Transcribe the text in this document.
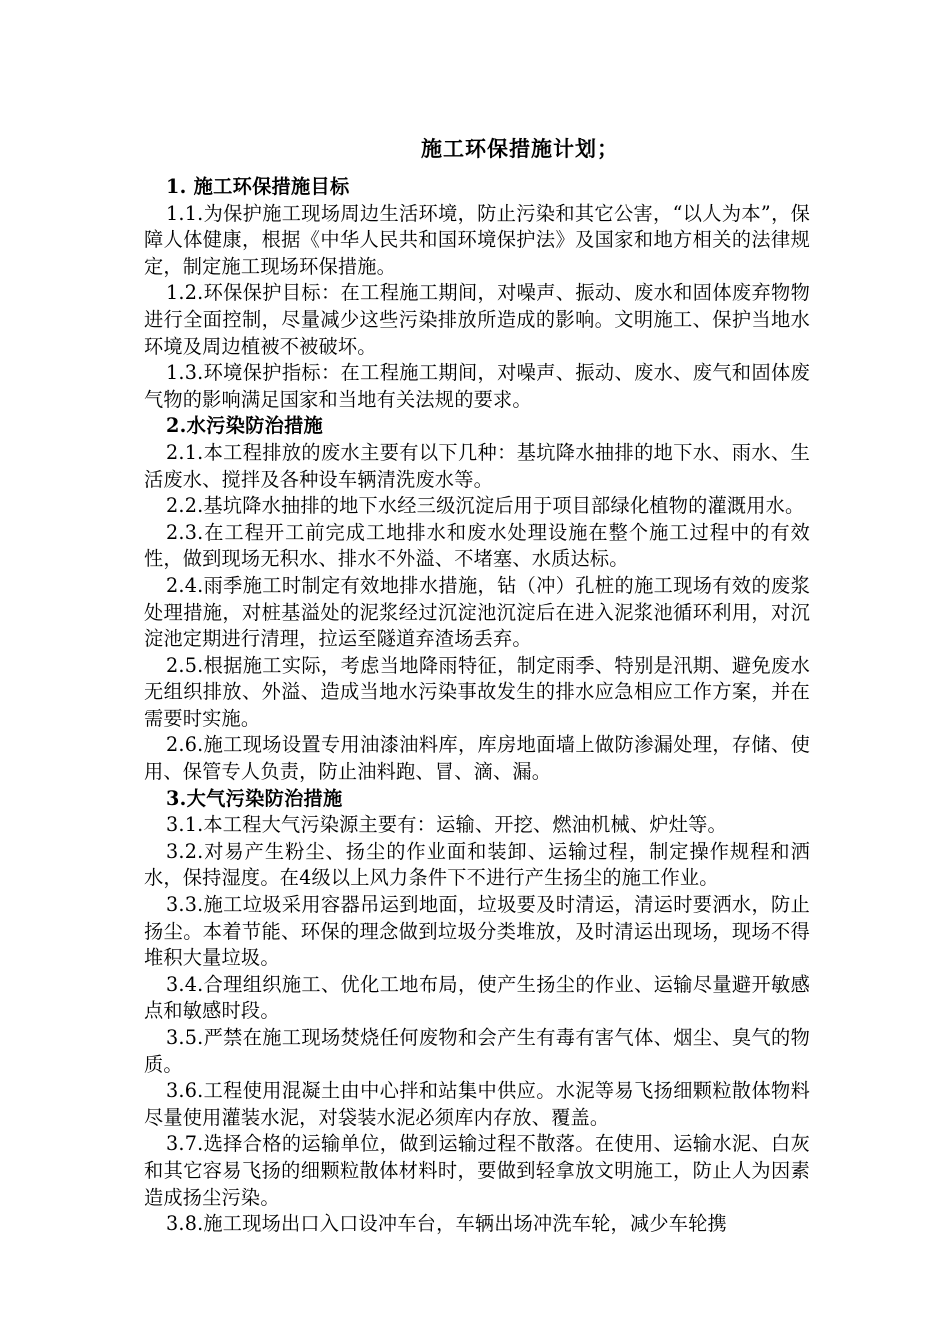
施工环保措施计划；

1. 施工环保措施目标

1.1.为保护施工现场周边生活环境，防止污染和其它公害，“以人为本”，保障人体健康，根据《中华人民共和国环境保护法》及国家和地方相关的法律规定，制定施工现场环保措施。

1.2.环保保护目标：在工程施工期间，对噪声、振动、废水和固体废弃物物进行全面控制，尽量减少这些污染排放所造成的影响。文明施工、保护当地水环境及周边植被不被破坏。

1.3.环境保护指标：在工程施工期间，对噪声、振动、废水、废气和固体废气物的影响满足国家和当地有关法规的要求。

2.水污染防治措施

2.1.本工程排放的废水主要有以下几种：基坑降水抽排的地下水、雨水、生活废水、搅拌及各种设车辆清洗废水等。

2.2.基坑降水抽排的地下水经三级沉淀后用于项目部绿化植物的灌溉用水。

2.3.在工程开工前完成工地排水和废水处理设施在整个施工过程中的有效性，做到现场无积水、排水不外溢、不堵塞、水质达标。

2.4.雨季施工时制定有效地排水措施，钻（冲）孔桩的施工现场有效的废浆处理措施，对桩基溢处的泥浆经过沉淀池沉淀后在进入泥浆池循环利用，对沉淀池定期进行清理，拉运至隧道弃渣场丢弃。

2.5.根据施工实际，考虑当地降雨特征，制定雨季、特别是汛期、避免废水无组织排放、外溢、造成当地水污染事故发生的排水应急相应工作方案，并在需要时实施。

2.6.施工现场设置专用油漆油料库，库房地面墙上做防渗漏处理，存储、使用、保管专人负责，防止油料跑、冒、滴、漏。

3.大气污染防治措施

3.1.本工程大气污染源主要有：运输、开挖、燃油机械、炉灶等。

3.2.对易产生粉尘、扬尘的作业面和装卸、运输过程，制定操作规程和洒水，保持湿度。在4级以上风力条件下不进行产生扬尘的施工作业。

3.3.施工垃圾采用容器吊运到地面，垃圾要及时清运，清运时要洒水，防止扬尘。本着节能、环保的理念做到垃圾分类堆放，及时清运出现场，现场不得堆积大量垃圾。

3.4.合理组织施工、优化工地布局，使产生扬尘的作业、运输尽量避开敏感点和敏感时段。

3.5.严禁在施工现场焚烧任何废物和会产生有毒有害气体、烟尘、臭气的物质。

3.6.工程使用混凝土由中心拌和站集中供应。水泥等易飞扬细颗粒散体物料尽量使用灌装水泥，对袋装水泥必须库内存放、覆盖。

3.7.选择合格的运输单位，做到运输过程不散落。在使用、运输水泥、白灰和其它容易飞扬的细颗粒散体材料时，要做到轻拿放文明施工，防止人为因素造成扬尘污染。

3.8.施工现场出口入口设冲车台，车辆出场冲洗车轮，减少车轮携
